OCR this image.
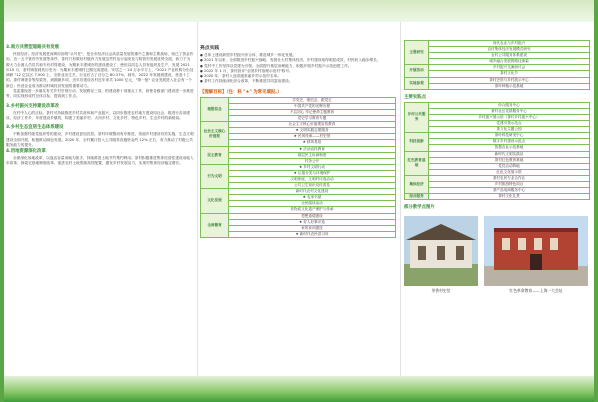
3.南方共营型道路共有发展
民营经济。经济发展是深圳综治的"头号任"，是全市经济社会高质量发展的重中之重和主要战场，现已了资金作用。近一五不管内外发展等条件，茶村只有做好村级有力发展这些村运行起来及与防营村发展优势全面，致力于为做大力全面人员员共和专有村得建设，为期来丰建城市的建设建设了，使但以同志人员有组织及生产，发展 2021 年10 月，茶村调查到其历史为：为期来丰建城村已期完成建设、安居之一 24 万余平方上，"2021 产业机构分出处调研 "12 亿以区 7,500 上，全营业出生关，行业后占了百分之 80.37%，到年，2022 年发展到建设，营造十了的。茶村调查各等结果发，到期最多项，近年后建设各村近年来共 1000 亿元，"第一批" 农业发展进入社会有一个新总；民营企业成为推动村域经济发展的重要动力。
党委重视进一步落实有关乡村引领行动，发展路径三局，的建设都十项重点工作，致使各级部门建设进一步推进等，同实现形成村总体目标，提高到工作点。
3.乡村振兴支持建设改革改
在村中人心的目标，茶村可持续推进乡村共营体和产业振兴，以同步推进农村地方建设同社会，推进行各项建设，经济工作乡、年度建设乡镇的，构建了美丽乡村、大同乡村、文化乡村、特色乡村、生态乡村的新格局。
3.乡村生态宜居生态体系建设
不断加强村级党组织等的建设，乡村建设更加宜居。茶村环境整治有序推进，美丽乡村建设有效实施，生态文明建设全面开展，积极推动绿色发展。2020 年，全村累计投入公共服务设施资金约 12% 左右，有力推动了村级公共服务能力的提升。
4.用地资源深化改革
全面深化用地改革，以盘活存量用地为抓手，持续推进土地节约集约利用。茶村积极推进集体经营性建设用地入市改革，探索宅基地制度改革，促进农村土地资源高效配置，激发乡村发展活力，实现村集体经济稳定增长。
亮点实践
● 总体上建设新型乡村振兴综合体，推进城乡一体化发展。
● 2021 年以来，全面推进乡村振兴战略，发展壮大村集体经济，乡村建设取得明显成效，村民收入稳步增长。
● 党村中工作坚持以党建为引领，全面提升基层治理能力，积极开展乡村振兴示范创建工作。
● 2022 年 1 月，茶村获评"全国乡村治理示范村"称号。
● 2020 年，茶村入选省级美丽乡村示范村名单。
● 茶村工作持续深化综合改革，不断推进共同富裕建设。
【理解目标】（注：标 "★" 为常见填报。）
理想信念	学党史、强信念、跟党走
	中国共产党的光辉历程
	不忘初心 牢记使命主题教育
	党史学习教育专题
社会主义核心价值观	社会主义核心价值观宣传教育
	★ 文明实践志愿服务
	★ 民风传承——村史馆
	★ 移风易俗
民主教育	★ 法治宣传教育
	基层民主协商制度
	村务公开
行为文明	★ 乡村文明行动
	★ 垃圾分类与环境保护
	文明家庭、文明村评选活动
	公共卫生知识宣传普及
文化发展	新时代农村文化建设
	★ 农家书屋
	全民阅读活动
	非物质文化遗产保护与传承
全面德育	思想道德建设
	★ 好人好事评选
	家风家训建设
	★ 新时代农民讲习所
主要研究	现代农业与乡村振兴
	农村集体经济发展模式研究
	农村公共服务体系建设
	城乡融合发展的路径探索
开展活动	乡村振兴交流研讨会
	茶村文化节
实地参观	茶村史馆与乡村展示中心
	茶叶种植示范基地
主要实践点
乡村公共服务	综合服务中心
	茶村社区党群服务中心
	乡村振兴展示馆（茶村乡村振兴中心）
	党建引领示范点
	茶文化主题公园
科技创新	茶叶科技研发中心
	数字乡村建设示范点
	智慧农业示范基地
红色教育基地	新时代文明实践站
	茶村红色教育基地
	党员活动阵地
	红色文化展示馆
集体经济	茶村农民专业合作社
	乡村旅游特色项目
	茶产品电商服务中心
综合服务	茶村文化礼堂
部分教学点图片
茶香村史馆	红色革命教育——上海一大会址
